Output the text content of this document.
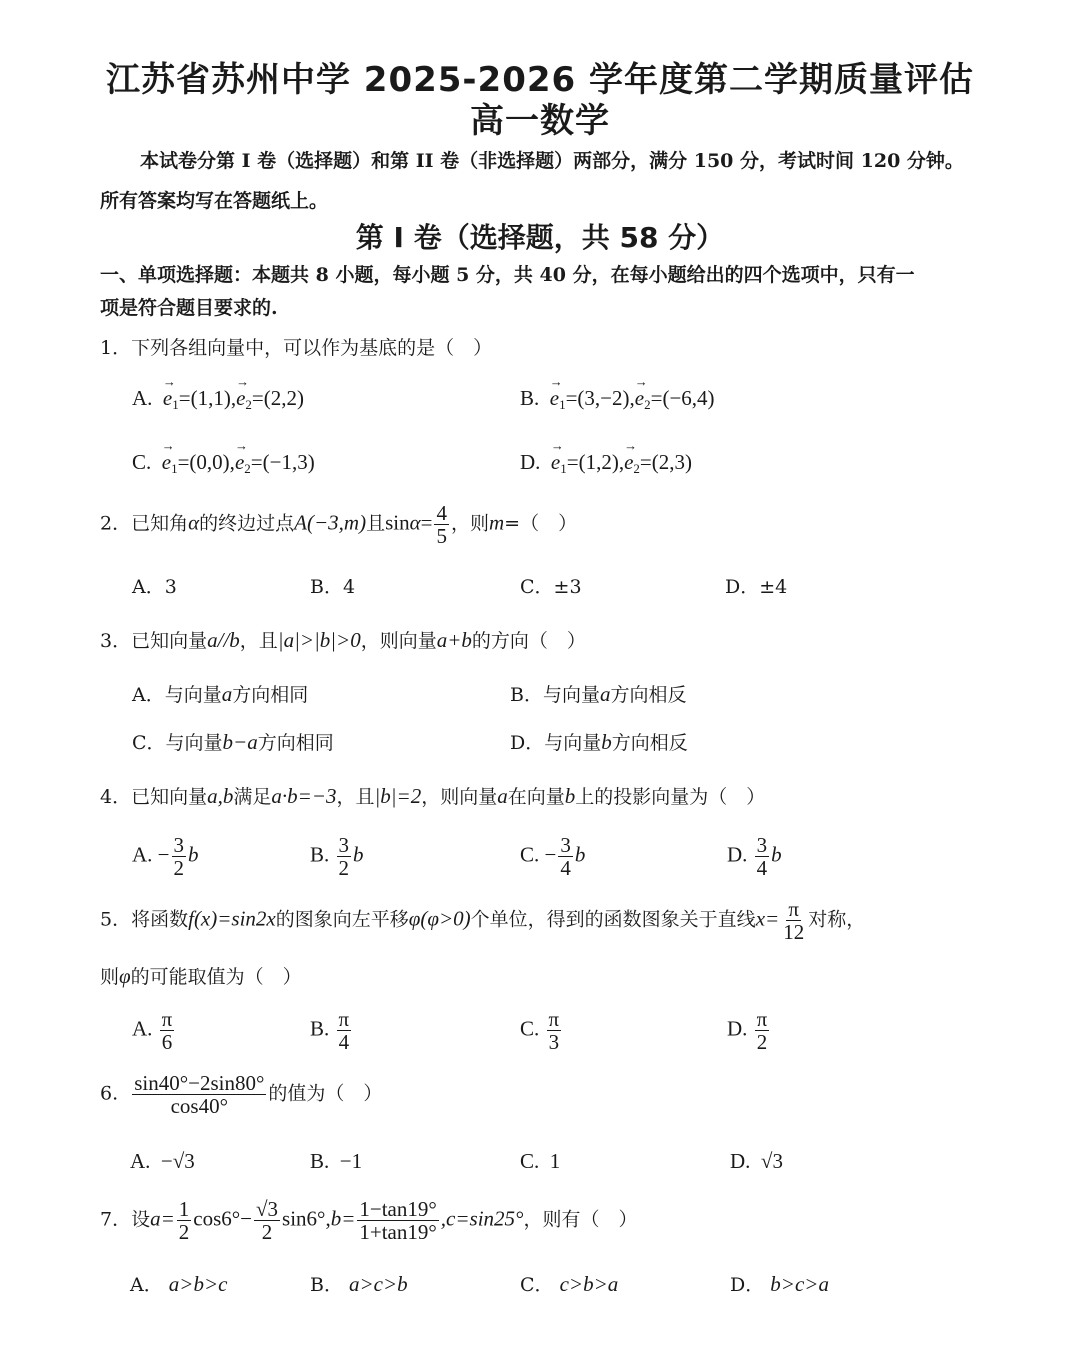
江苏省苏州中学 2025-2026 学年度第二学期质量评估
高一数学
本试卷分第 I 卷（选择题）和第 II 卷（非选择题）两部分，满分 150 分，考试时间 120 分钟。
所有答案均写在答题纸上。
第 I 卷（选择题，共 58 分）
一、单项选择题：本题共 8 小题，每小题 5 分，共 40 分，在每小题给出的四个选项中，只有一
项是符合题目要求的.
1．下列各组向量中，可以作为基底的是（　）
A. → $e_1=(1,1),\to e_2=(2,2)$	B. → $e_1=(3,-2),\to e_2=(-6,4)$
C. → $e_1=(0,0),\to e_2=(-1,3)$	D. → $e_1=(1,2),\to e_2=(2,3)$
2．已知角α的终边过点A(−3,m)且$\sin\alpha= \frac{4}{5}$ ，则m=（　）
A．3	B．4	C．±3	D．±4
3．已知向量a//b，且|a|>|b|>0，则向量a+b的方向（　）
A．与向量a方向相同	B．与向量a方向相反
C．与向量b−a方向相同	D．与向量b方向相反
4．已知向量a,b满足a·b=−3，且|b|=2，则向量a在向量b上的投影向量为（　）
A. − $\frac{3}{2}$ b	B. $\frac{3}{2}$ b	C. − $\frac{3}{4}$ b	D. $\frac{3}{4}$ b
5．将函数f(x)=sin2x的图象向左平移φ(φ>0)个单位，得到的函数图象关于直线$x= \frac{\pi}{12}$ 对称，
则φ的可能取值为（　）
A. $\frac{\pi}{6}$	B. $\frac{\pi}{4}$	C. $\frac{\pi}{3}$	D. $\frac{\pi}{2}$
6. $\frac{\sin 40^\circ-2\sin 80^\circ}{\cos 40^\circ}$ 的值为（　）
A. −√3	B. −1	C. 1	D. √3
7．设$a= \frac{1}{2} \cos 6^\circ- \frac{√3}{2} \sin 6^\circ,b= \frac{1-\tan 19^\circ}{1+\tan 19^\circ} ,c=\sin 25^\circ$，则有（　）
A． a>b>c	B． a>c>b	C． c>b>a	D． b>c>a
